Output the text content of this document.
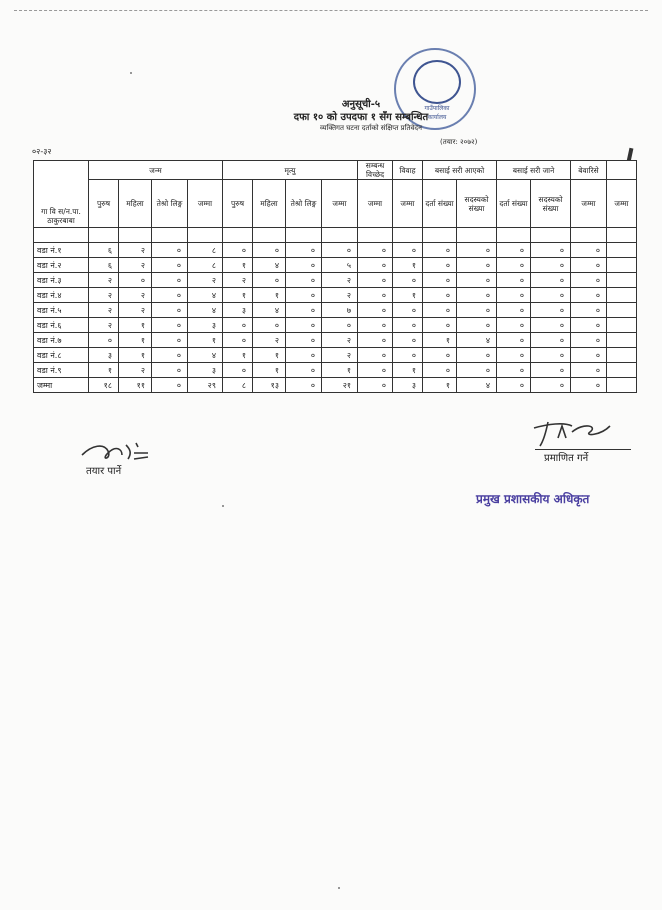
गाउँपालिका
कार्यालय
अनुसूची-५
दफा १० को उपदफा १ सँग सम्बन्धित
व्यक्तिगत घटना दर्ताको संक्षिप्त प्रतिवेदन
(तयार: २०७२)
०२-३२
गा वि स/न.पा.
ठाकुरबाबा	जन्म				मृत्यु				सम्बन्ध विच्छेद	विवाह	बसाई सरी आएको		बसाई सरी जाने		बेवारिसे	
	पुरुष	महिला	तेश्रो लिङ्ग	जम्मा	पुरुष	महिला	तेश्रो लिङ्ग	जम्मा	जम्मा	जम्मा	दर्ता संख्या	सदस्यको संख्या	दर्ता संख्या	सदस्यको संख्या	जम्मा	जम्मा

वडा नं.१	६	२	०	८	०	०	०	०	०	०	०	०	०	०	०	
वडा नं.२	६	२	०	८	१	४	०	५	०	१	०	०	०	०	०	
वडा नं.३	२	०	०	२	२	०	०	२	०	०	०	०	०	०	०	
वडा नं.४	२	२	०	४	१	१	०	२	०	१	०	०	०	०	०	
वडा नं.५	२	२	०	४	३	४	०	७	०	०	०	०	०	०	०	
वडा नं.६	२	१	०	३	०	०	०	०	०	०	०	०	०	०	०	
वडा नं.७	०	१	०	१	०	२	०	२	०	०	१	४	०	०	०	
वडा नं.८	३	१	०	४	१	१	०	२	०	०	०	०	०	०	०	
वडा नं.९	१	२	०	३	०	१	०	१	०	१	०	०	०	०	०	
जम्मा	१८	११	०	२९	८	१३	०	२१	०	३	१	४	०	०	०	
तयार पार्ने
प्रमाणित गर्ने
प्रमुख प्रशासकीय अधिकृत
